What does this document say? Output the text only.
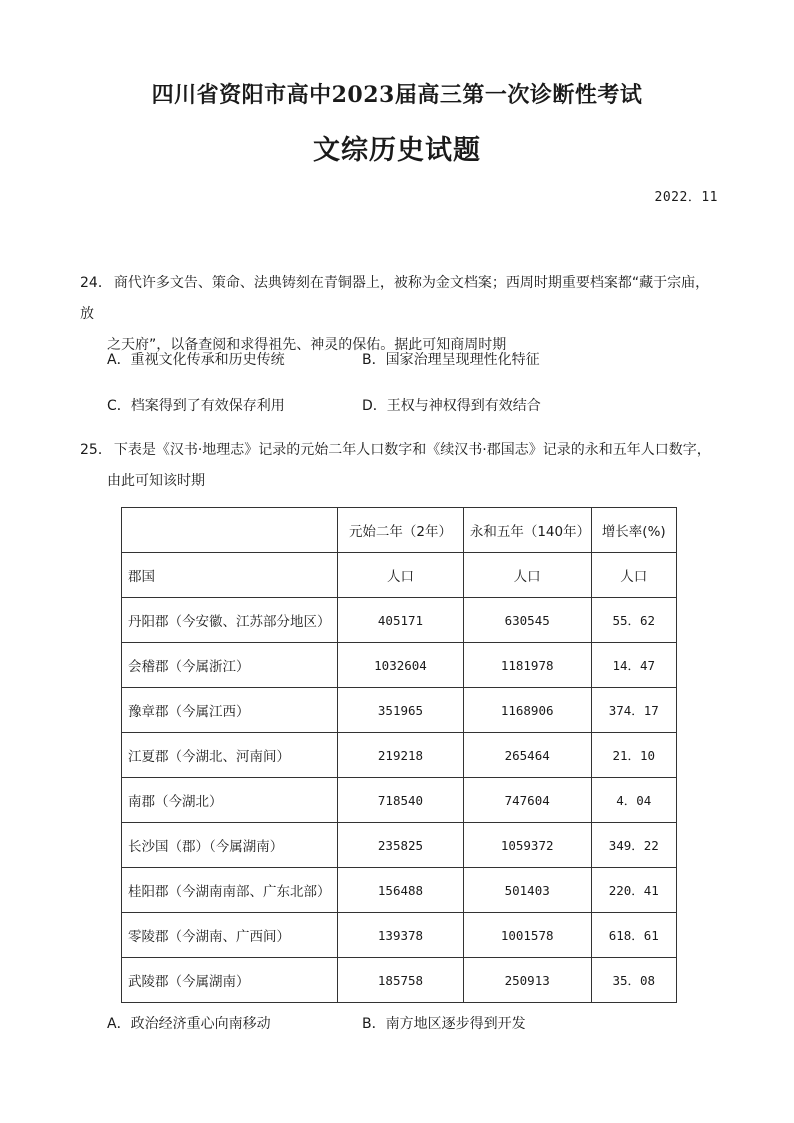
四川省资阳市高中2023届高三第一次诊断性考试
文综历史试题
2022．11
24． 商代许多文告、策命、法典铸刻在青铜器上，被称为金文档案；西周时期重要档案都“藏于宗庙，放
之天府”，以备查阅和求得祖先、神灵的保佑。据此可知商周时期
A．重视文化传承和历史传统	B．国家治理呈现理性化特征
C．档案得到了有效保存利用	D．王权与神权得到有效结合
25． 下表是《汉书·地理志》记录的元始二年人口数字和《续汉书·郡国志》记录的永和五年人口数字，
由此可知该时期
	元始二年（2年）	永和五年（140年）	增长率(%)
郡国	人口	人口	人口
丹阳郡（今安徽、江苏部分地区）	405171	630545	55．62
会稽郡（今属浙江）	1032604	1181978	14．47
豫章郡（今属江西）	351965	1168906	374．17
江夏郡（今湖北、河南间）	219218	265464	21．10
南郡（今湖北）	718540	747604	4．04
长沙国（郡）（今属湖南）	235825	1059372	349．22
桂阳郡（今湖南南部、广东北部）	156488	501403	220．41
零陵郡（今湖南、广西间）	139378	1001578	618．61
武陵郡（今属湖南）	185758	250913	35．08
A．政治经济重心向南移动	B．南方地区逐步得到开发
